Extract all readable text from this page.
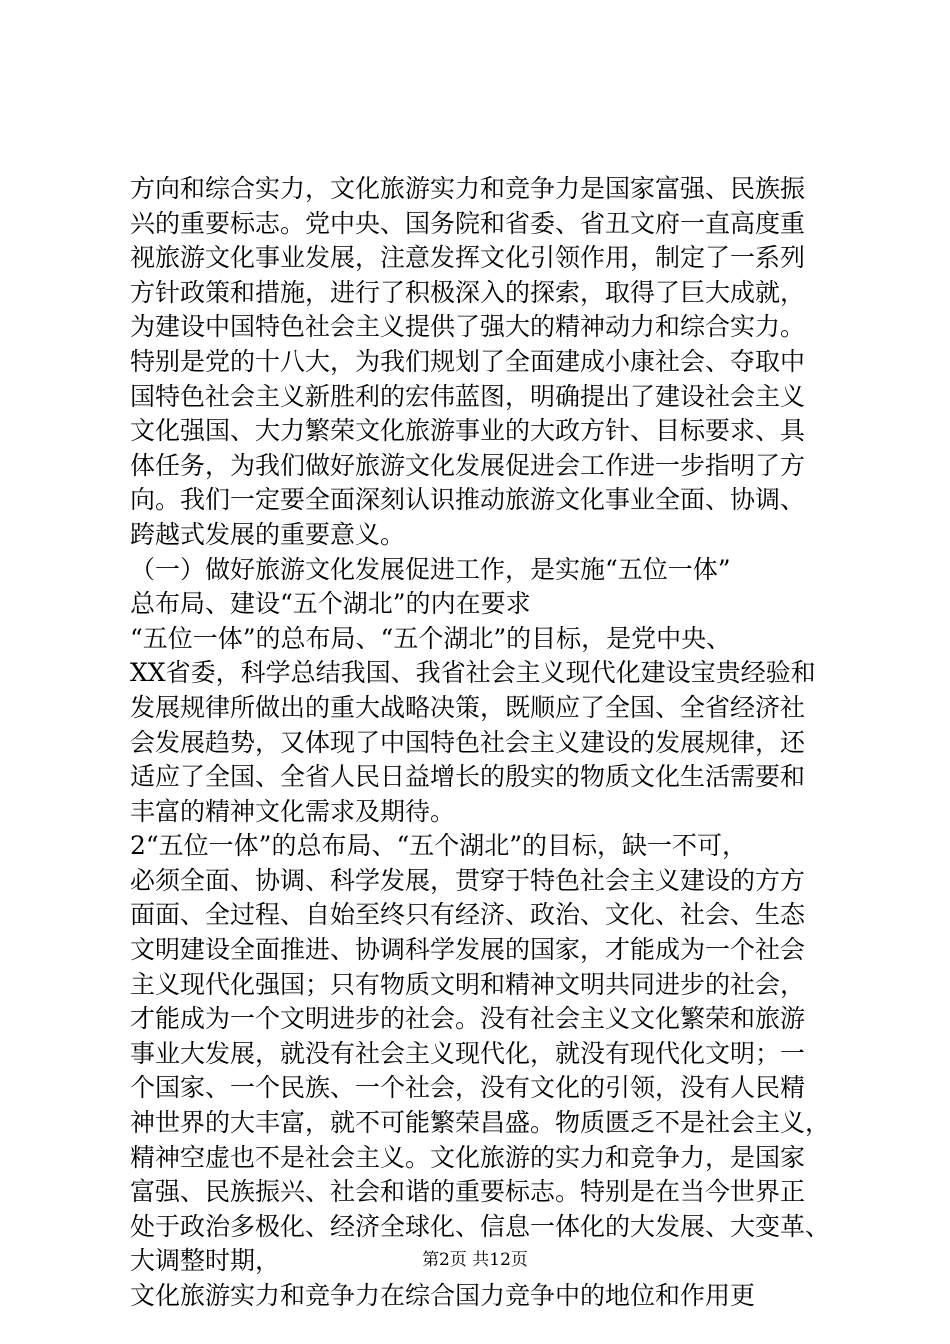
方向和综合实力，文化旅游实力和竞争力是国家富强、民族振
兴的重要标志。党中央、国务院和省委、省丑文府一直高度重
视旅游文化事业发展，注意发挥文化引领作用，制定了一系列
方针政策和措施，进行了积极深入的探索，取得了巨大成就，
为建设中国特色社会主义提供了强大的精神动力和综合实力。
特别是党的十八大，为我们规划了全面建成小康社会、夺取中
国特色社会主义新胜利的宏伟蓝图，明确提出了建设社会主义
文化强国、大力繁荣文化旅游事业的大政方针、目标要求、具
体任务，为我们做好旅游文化发展促进会工作进一步指明了方
向。我们一定要全面深刻认识推动旅游文化事业全面、协调、
跨越式发展的重要意义。
（一）做好旅游文化发展促进工作，是实施“五位一体”
总布局、建设“五个湖北”的内在要求
“五位一体”的总布局、“五个湖北”的目标，是党中央、
XX省委，科学总结我国、我省社会主义现代化建设宝贵经验和
发展规律所做出的重大战略决策，既顺应了全国、全省经济社
会发展趋势，又体现了中国特色社会主义建设的发展规律，还
适应了全国、全省人民日益增长的殷实的物质文化生活需要和
丰富的精神文化需求及期待。
2“五位一体”的总布局、“五个湖北”的目标，缺一不可，
必须全面、协调、科学发展，贯穿于特色社会主义建设的方方
面面、全过程、自始至终只有经济、政治、文化、社会、生态
文明建设全面推进、协调科学发展的国家，才能成为一个社会
主义现代化强国；只有物质文明和精神文明共同进步的社会，
才能成为一个文明进步的社会。没有社会主义文化繁荣和旅游
事业大发展，就没有社会主义现代化，就没有现代化文明；一
个国家、一个民族、一个社会，没有文化的引领，没有人民精
神世界的大丰富，就不可能繁荣昌盛。物质匮乏不是社会主义，
精神空虚也不是社会主义。文化旅游的实力和竞争力，是国家
富强、民族振兴、社会和谐的重要标志。特别是在当今世界正
处于政治多极化、经济全球化、信息一体化的大发展、大变革、
大调整时期，
文化旅游实力和竞争力在综合国力竞争中的地位和作用更
第2页 共12页
